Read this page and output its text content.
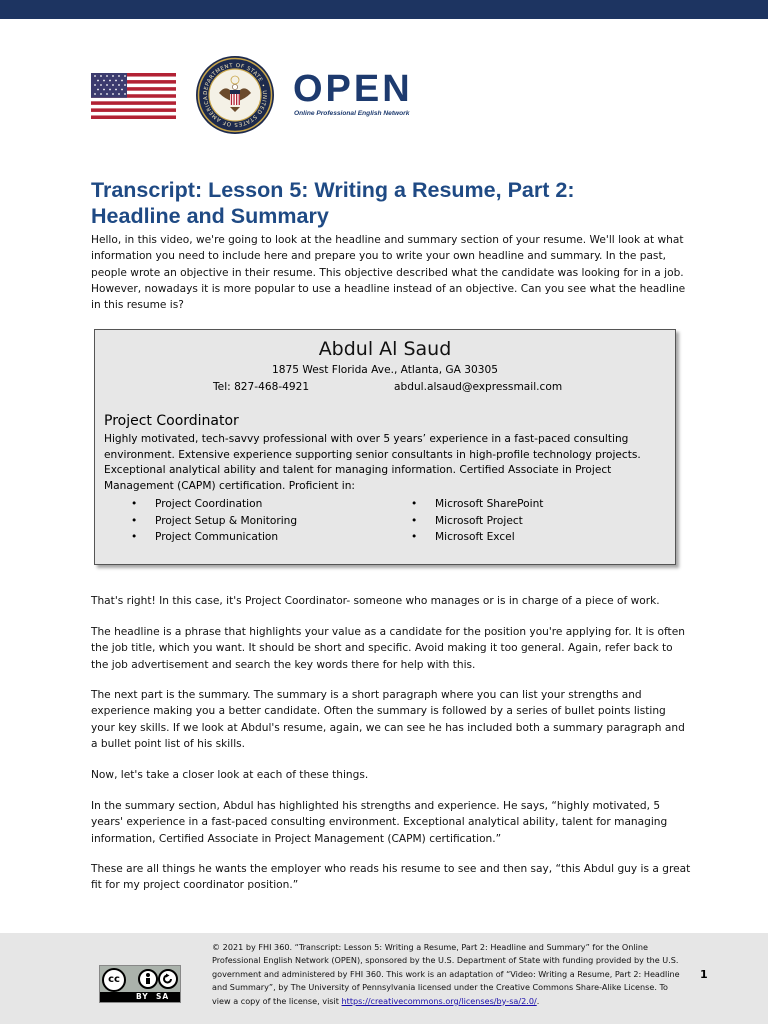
DEPARTMENT OF STATE • UNITED STATES OF AMERICA	OPEN
Online Professional English Network
Transcript: Lesson 5: Writing a Resume, Part 2:
Headline and Summary

Hello, in this video, we're going to look at the headline and summary section of your resume. We'll look at what information you need to include here and prepare you to write your own headline and summary. In the past, people wrote an objective in their resume. This objective described what the candidate was looking for in a job. However, nowadays it is more popular to use a headline instead of an objective. Can you see what the headline in this resume is?

Abdul Al Saud
1875 West Florida Ave., Atlanta, GA 30305
Tel: 827-468-4921	abdul.alsaud@expressmail.com
Project Coordinator
Highly motivated, tech-savvy professional with over 5 years’ experience in a fast-paced consulting environment. Extensive experience supporting senior consultants in high-profile technology projects. Exceptional analytical ability and talent for managing information. Certified Associate in Project Management (CAPM) certification. Proficient in:
• Project Coordination
• Project Setup & Monitoring
• Project Communication
• Microsoft SharePoint
• Microsoft Project
• Microsoft Excel

That's right! In this case, it's Project Coordinator- someone who manages or is in charge of a piece of work.

The headline is a phrase that highlights your value as a candidate for the position you're applying for. It is often the job title, which you want. It should be short and specific. Avoid making it too general. Again, refer back to the job advertisement and search the key words there for help with this.

The next part is the summary. The summary is a short paragraph where you can list your strengths and experience making you a better candidate. Often the summary is followed by a series of bullet points listing your key skills. If we look at Abdul's resume, again, we can see he has included both a summary paragraph and a bullet point list of his skills.

Now, let's take a closer look at each of these things.

In the summary section, Abdul has highlighted his strengths and experience. He says, “highly motivated, 5 years' experience in a fast-paced consulting environment. Exceptional analytical ability, talent for managing information, Certified Associate in Project Management (CAPM) certification.”

These are all things he wants the employer who reads his resume to see and then say, “this Abdul guy is a great fit for my project coordinator position.”

cc
BY SA
© 2021 by FHI 360. “Transcript: Lesson 5: Writing a Resume, Part 2: Headline and Summary” for the Online Professional English Network (OPEN), sponsored by the U.S. Department of State with funding provided by the U.S. government and administered by FHI 360. This work is an adaptation of “Video: Writing a Resume, Part 2: Headline and Summary”, by The University of Pennsylvania licensed under the Creative Commons Share-Alike License. To view a copy of the license, visit https://creativecommons.org/licenses/by-sa/2.0/.
1
